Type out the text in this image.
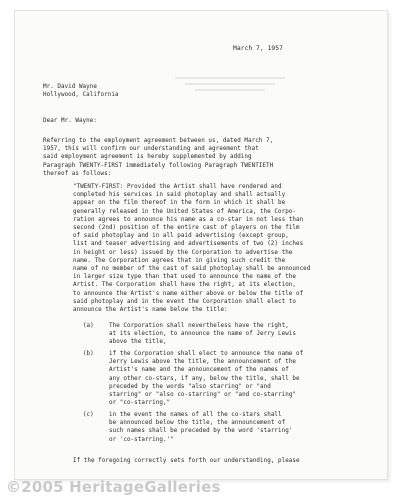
March 7, 1957
Mr. David Wayne
Hollywood, California
Dear Mr. Wayne:
Referring to the employment agreement between us, dated March 7,
1957, this will confirm our understanding and agreement that
said employment agreement is hereby supplemented by adding
Paragraph TWENTY-FIRST immediately following Paragraph TWENTIETH
thereof as follows:
"TWENTY-FIRST: Provided the Artist shall have rendered and
completed his services in said photoplay and shall actually
appear on the film thereof in the form in which it shall be
generally released in the United States of America, the Corpo-
ration agrees to announce his name as a co-star in not less than
second (2nd) position of the entire cast of players on the film
of said photoplay and in all paid advertising (except group,
list and teaser advertising and advertisements of two (2) inches
in height or less) issued by the Corporation to advertise the
name. The Corporation agrees that in giving such credit the
name of no member of the cast of said photoplay shall be announced
in larger size type than that used to announce the name of the
Artist. The Corporation shall have the right, at its election,
to announce the Artist's name either above or below the title of
said photoplay and in the event the Corporation shall elect to
announce the Artist's name below the title:
(a)	The Corporation shall nevertheless have the right,
at its election, to announce the name of Jerry Lewis
above the title,
(b)	if the Corporation shall elect to announce the name of
Jerry Lewis above the title, the announcement of the
Artist's name and the announcement of the names of
any other co-stars, if any, below the title, shall be
preceded by the words "also starring" or "and
starring" or "also co-starring" or "and co-starring"
or "co-starring,"
(c)	in the event the names of all the co-stars shall
be announced below the title, the announcement of
such names shall be preceded by the word 'starring'
or 'co-starring.'"
If the foregoing correctly sets forth our understanding, please
©2005 HeritageGalleries
